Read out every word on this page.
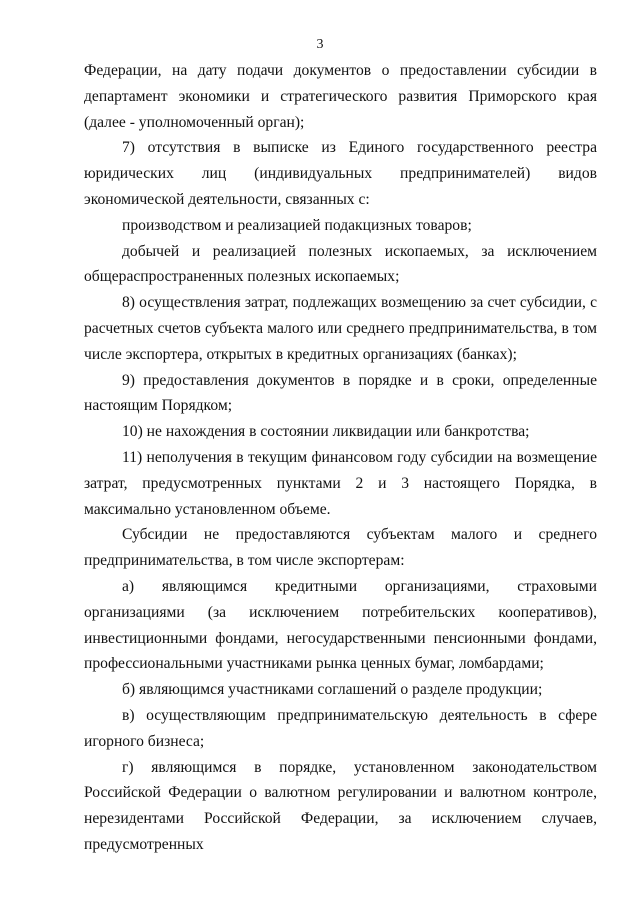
3

Федерации, на дату подачи документов о предоставлении субсидии в департамент экономики и стратегического развития Приморского края (далее - уполномоченный орган);

7) отсутствия в выписке из Единого государственного реестра юридических лиц (индивидуальных предпринимателей) видов экономической деятельности, связанных с:

производством и реализацией подакцизных товаров;

добычей и реализацией полезных ископаемых, за исключением общераспространенных полезных ископаемых;

8) осуществления затрат, подлежащих возмещению за счет субсидии, с расчетных счетов субъекта малого или среднего предпринимательства, в том числе экспортера, открытых в кредитных организациях (банках);

9) предоставления документов в порядке и в сроки, определенные настоящим Порядком;

10) не нахождения в состоянии ликвидации или банкротства;

11) неполучения в текущим финансовом году субсидии на возмещение затрат, предусмотренных пунктами 2 и 3 настоящего Порядка, в максимально установленном объеме.

Субсидии не предоставляются субъектам малого и среднего предпринимательства, в том числе экспортерам:

а) являющимся кредитными организациями, страховыми организациями (за исключением потребительских кооперативов), инвестиционными фондами, негосударственными пенсионными фондами, профессиональными участниками рынка ценных бумаг, ломбардами;

б) являющимся участниками соглашений о разделе продукции;

в) осуществляющим предпринимательскую деятельность в сфере игорного бизнеса;

г) являющимся в порядке, установленном законодательством Российской Федерации о валютном регулировании и валютном контроле, нерезидентами Российской Федерации, за исключением случаев, предусмотренных
